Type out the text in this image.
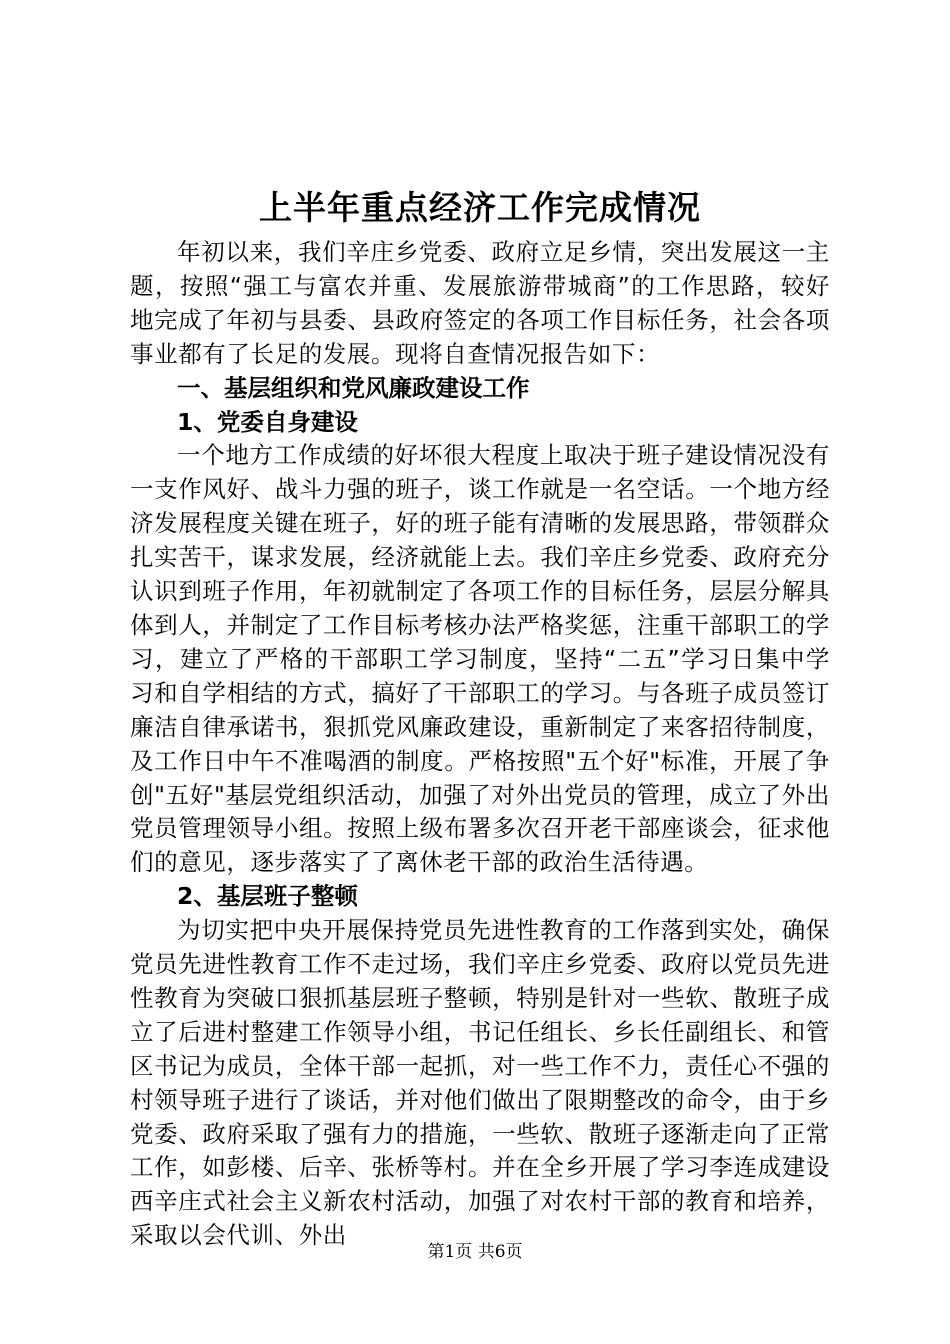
上半年重点经济工作完成情况

年初以来，我们辛庄乡党委、政府立足乡情，突出发展这一主题，按照“强工与富农并重、发展旅游带城商”的工作思路，较好地完成了年初与县委、县政府签定的各项工作目标任务，社会各项事业都有了长足的发展。现将自查情况报告如下：

一、基层组织和党风廉政建设工作

1、党委自身建设

一个地方工作成绩的好坏很大程度上取决于班子建设情况没有一支作风好、战斗力强的班子，谈工作就是一名空话。一个地方经济发展程度关键在班子，好的班子能有清晰的发展思路，带领群众扎实苦干，谋求发展，经济就能上去。我们辛庄乡党委、政府充分认识到班子作用，年初就制定了各项工作的目标任务，层层分解具体到人，并制定了工作目标考核办法严格奖惩，注重干部职工的学习，建立了严格的干部职工学习制度，坚持“二五”学习日集中学习和自学相结的方式，搞好了干部职工的学习。与各班子成员签订廉洁自律承诺书，狠抓党风廉政建设，重新制定了来客招待制度，及工作日中午不准喝酒的制度。严格按照"五个好"标准，开展了争创"五好"基层党组织活动，加强了对外出党员的管理，成立了外出党员管理领导小组。按照上级布署多次召开老干部座谈会，征求他们的意见，逐步落实了了离休老干部的政治生活待遇。

2、基层班子整顿

为切实把中央开展保持党员先进性教育的工作落到实处，确保党员先进性教育工作不走过场，我们辛庄乡党委、政府以党员先进性教育为突破口狠抓基层班子整顿，特别是针对一些软、散班子成立了后进村整建工作领导小组，书记任组长、乡长任副组长、和管区书记为成员，全体干部一起抓，对一些工作不力，责任心不强的村领导班子进行了谈话，并对他们做出了限期整改的命令，由于乡党委、政府采取了强有力的措施，一些软、散班子逐渐走向了正常工作，如彭楼、后辛、张桥等村。并在全乡开展了学习李连成建设西辛庄式社会主义新农村活动，加强了对农村干部的教育和培养，采取以会代训、外出

第1页 共6页
